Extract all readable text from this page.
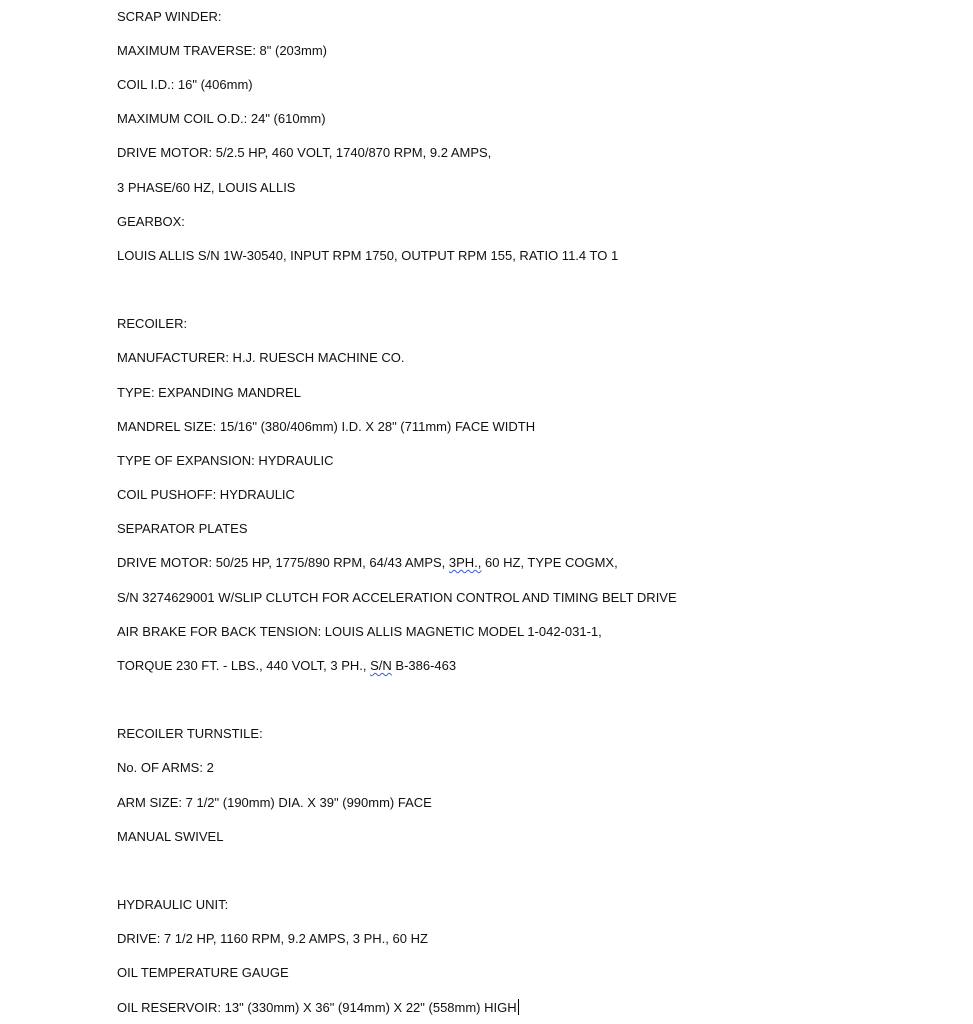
SCRAP WINDER:
MAXIMUM TRAVERSE: 8" (203mm)
COIL I.D.: 16" (406mm)
MAXIMUM COIL O.D.: 24" (610mm)
DRIVE MOTOR: 5/2.5 HP, 460 VOLT, 1740/870 RPM, 9.2 AMPS,
3 PHASE/60 HZ, LOUIS ALLIS
GEARBOX:
LOUIS ALLIS S/N 1W-30540, INPUT RPM 1750, OUTPUT RPM 155, RATIO 11.4 TO 1
RECOILER:
MANUFACTURER: H.J. RUESCH MACHINE CO.
TYPE: EXPANDING MANDREL
MANDREL SIZE: 15/16" (380/406mm) I.D. X 28" (711mm) FACE WIDTH
TYPE OF EXPANSION: HYDRAULIC
COIL PUSHOFF: HYDRAULIC
SEPARATOR PLATES
DRIVE MOTOR: 50/25 HP, 1775/890 RPM, 64/43 AMPS, 3PH., 60 HZ, TYPE COGMX,
S/N 3274629001 W/SLIP CLUTCH FOR ACCELERATION CONTROL AND TIMING BELT DRIVE
AIR BRAKE FOR BACK TENSION: LOUIS ALLIS MAGNETIC MODEL 1-042-031-1,
TORQUE 230 FT. - LBS., 440 VOLT, 3 PH., S/N B-386-463
RECOILER TURNSTILE:
No. OF ARMS: 2
ARM SIZE: 7 1/2" (190mm) DIA. X 39" (990mm) FACE
MANUAL SWIVEL
HYDRAULIC UNIT:
DRIVE: 7 1/2 HP, 1160 RPM, 9.2 AMPS, 3 PH., 60 HZ
OIL TEMPERATURE GAUGE
OIL RESERVOIR: 13" (330mm) X 36" (914mm) X 22" (558mm) HIGH
